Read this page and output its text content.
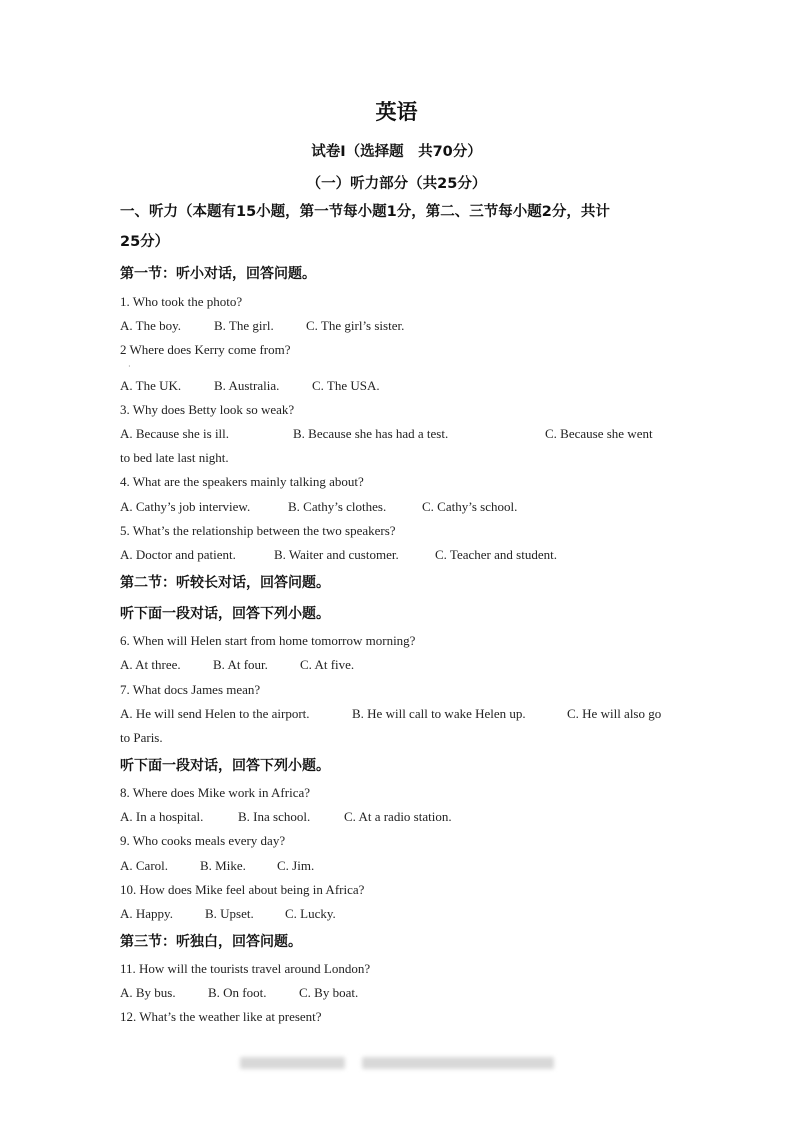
英语
试卷Ⅰ（选择题　共70分）
（一）听力部分（共25分）
一、听力（本题有15小题，第一节每小题1分，第二、三节每小题2分，共计
25分）
第一节：听小对话，回答问题。
1. Who took the photo?
A. The boy.	B. The girl. C. The girl’s sister.
2 Where does Kerry come from?
·
A. The UK.	B. Australia.	C. The USA.
3. Why does Betty look so weak?
A. Because she is ill.	B. Because she has had a test.	C. Because she went
to bed late last night.
4. What are the speakers mainly talking about?
A. Cathy’s job interview.	B. Cathy’s clothes.	C. Cathy’s school.
5. What’s the relationship between the two speakers?
A. Doctor and patient.	B. Waiter and customer.	C. Teacher and student.
第二节：听较长对话，回答问题。
听下面一段对话，回答下列小题。
6. When will Helen start from home tomorrow morning?
A. At three. B. At four. C. At five.
7. What docs James mean?
A. He will send Helen to the airport.	B. He will call to wake Helen up.	C. He will also go
to Paris.
听下面一段对话，回答下列小题。
8. Where does Mike work in Africa?
A. In a hospital.	B. Ina school.	C. At a radio station.
9. Who cooks meals every day?
A. Carol. B. Mike. C. Jim.
10. How does Mike feel about being in Africa?
A. Happy. B. Upset. C. Lucky.
第三节：听独白，回答问题。
11. How will the tourists travel around London?
A. By bus. B. On foot.	C. By boat.
12. What’s the weather like at present?
